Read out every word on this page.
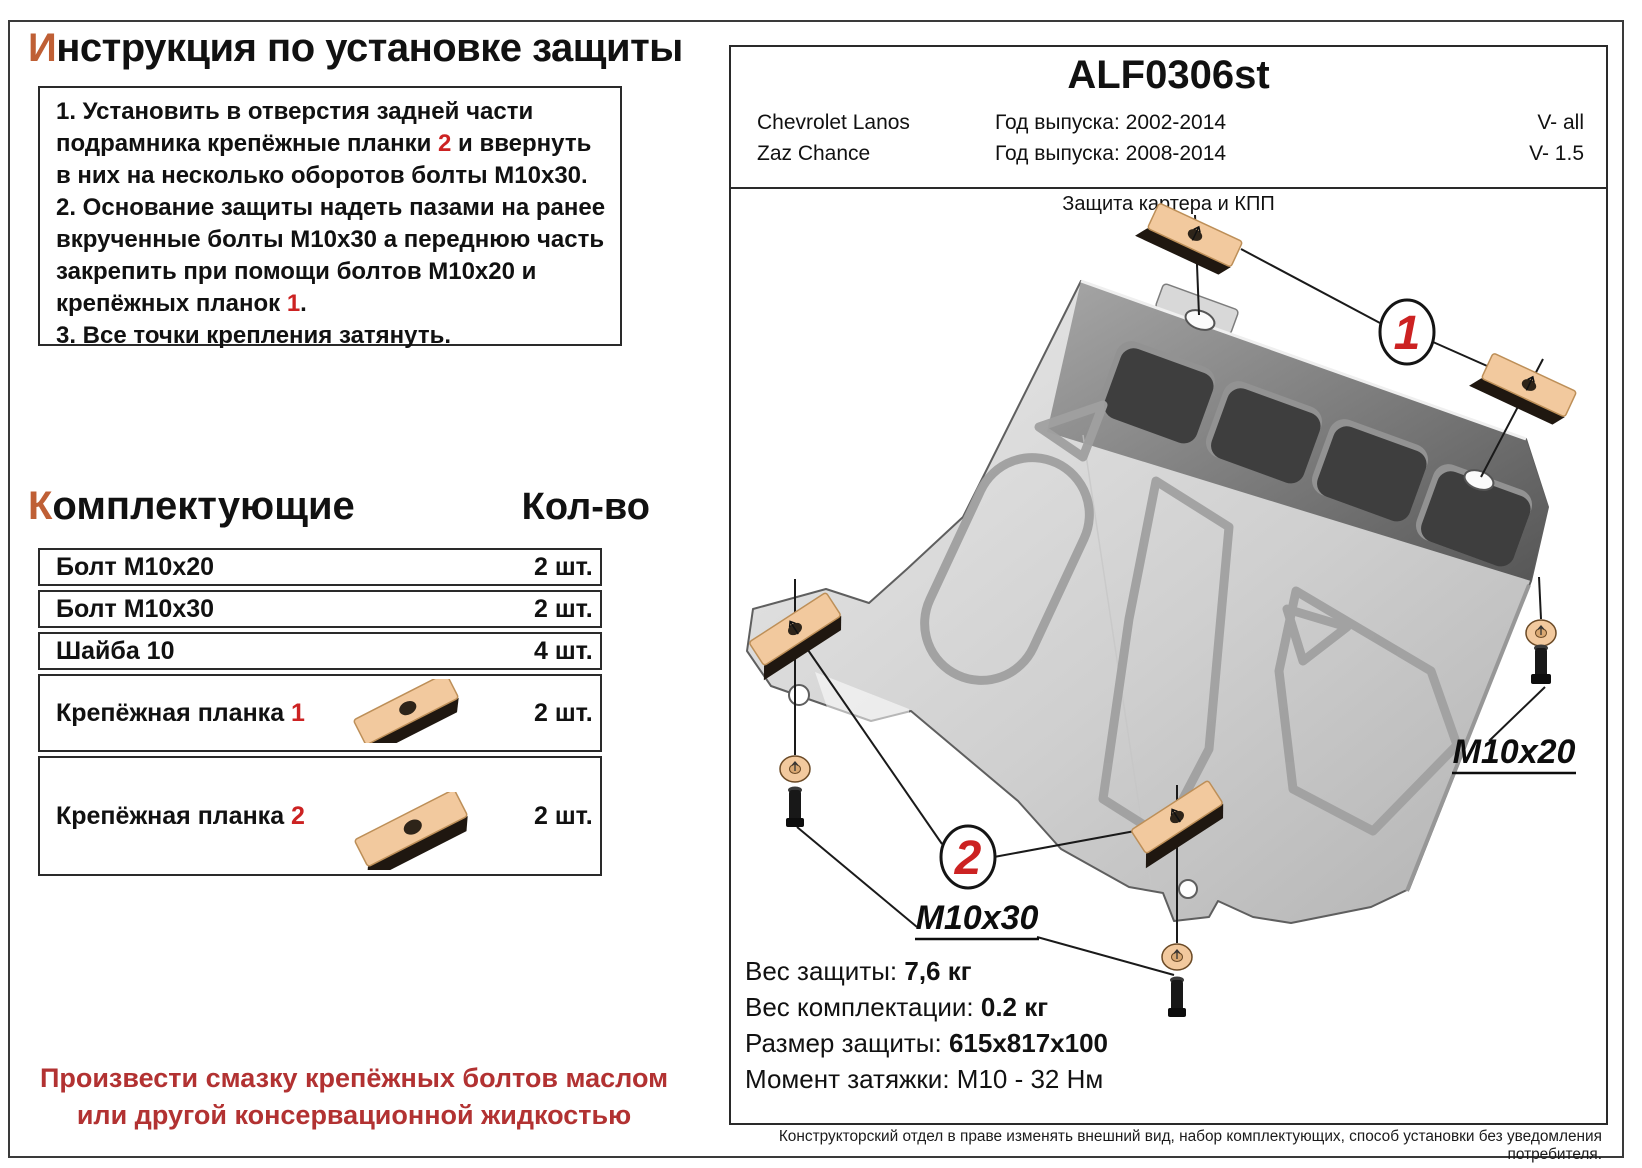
Инструкция по установке защиты

1. Установить в отверстия задней части подрамника крепёжные планки 2 и ввернуть в них на несколько оборотов болты М10х30.

2. Основание защиты надеть пазами на ранее вкрученные болты М10х30 а переднюю часть закрепить при помощи болтов М10х20 и крепёжных планок 1.

3. Все точки крепления затянуть.

Комплектующие	Кол-во
Болт М10х20	2 шт.
Болт М10х30	2 шт.
Шайба 10	4 шт.
Крепёжная планка 1	2 шт.
Крепёжная планка 2	2 шт.
Произвести смазку крепёжных болтов маслом
или другой консервационной жидкостью
ALF0306st
Chevrolet Lanos	Год выпуска: 2002-2014	V- all
Zaz Chance	Год выпуска: 2008-2014	V- 1.5
Защита картера и КПП
1
2
M10x30
M10x20
Вес защиты: 7,6 кг
Вес комплектации: 0.2 кг
Размер защиты: 615х817х100
Момент затяжки: М10 - 32 Нм
Конструкторский отдел в праве изменять внешний вид, набор комплектующих, способ установки без уведомления потребителя.
